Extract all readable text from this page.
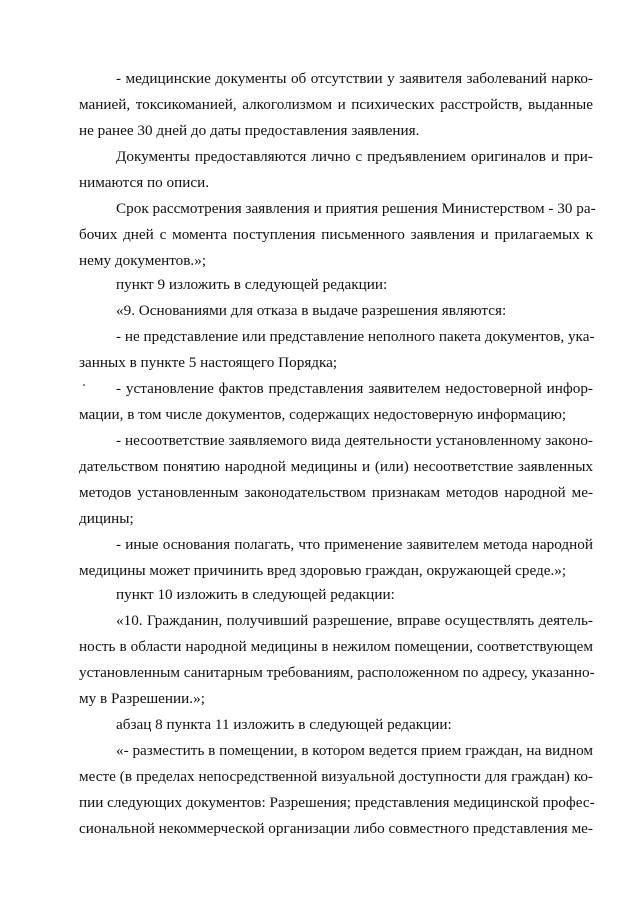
- медицинские документы об отсутствии у заявителя заболеваний нарко-
манией, токсикоманией, алкоголизмом и психических расстройств, выданные
не ранее 30 дней до даты предоставления заявления.
Документы предоставляются лично с предъявлением оригиналов и при-
нимаются по описи.
Срок рассмотрения заявления и приятия решения Министерством - 30 ра-
бочих дней с момента поступления письменного заявления и прилагаемых к
нему документов.»;
пункт 9 изложить в следующей редакции:
«9. Основаниями для отказа в выдаче разрешения являются:
- не представление или представление неполного пакета документов, ука-
занных в пункте 5 настоящего Порядка;
- установление фактов представления заявителем недостоверной инфор-
мации, в том числе документов, содержащих недостоверную информацию;
- несоответствие заявляемого вида деятельности установленному законо-
дательством понятию народной медицины и (или) несоответствие заявленных
методов установленным законодательством признакам методов народной ме-
дицины;
- иные основания полагать, что применение заявителем метода народной
медицины может причинить вред здоровью граждан, окружающей среде.»;
пункт 10 изложить в следующей редакции:
«10. Гражданин, получивший разрешение, вправе осуществлять деятель-
ность в области народной медицины в нежилом помещении, соответствующем
установленным санитарным требованиям, расположенном по адресу, указанно-
му в Разрешении.»;
абзац 8 пункта 11 изложить в следующей редакции:
«- разместить в помещении, в котором ведется прием граждан, на видном
месте (в пределах непосредственной визуальной доступности для граждан) ко-
пии следующих документов: Разрешения; представления медицинской профес-
сиональной некоммерческой организации либо совместного представления ме-
